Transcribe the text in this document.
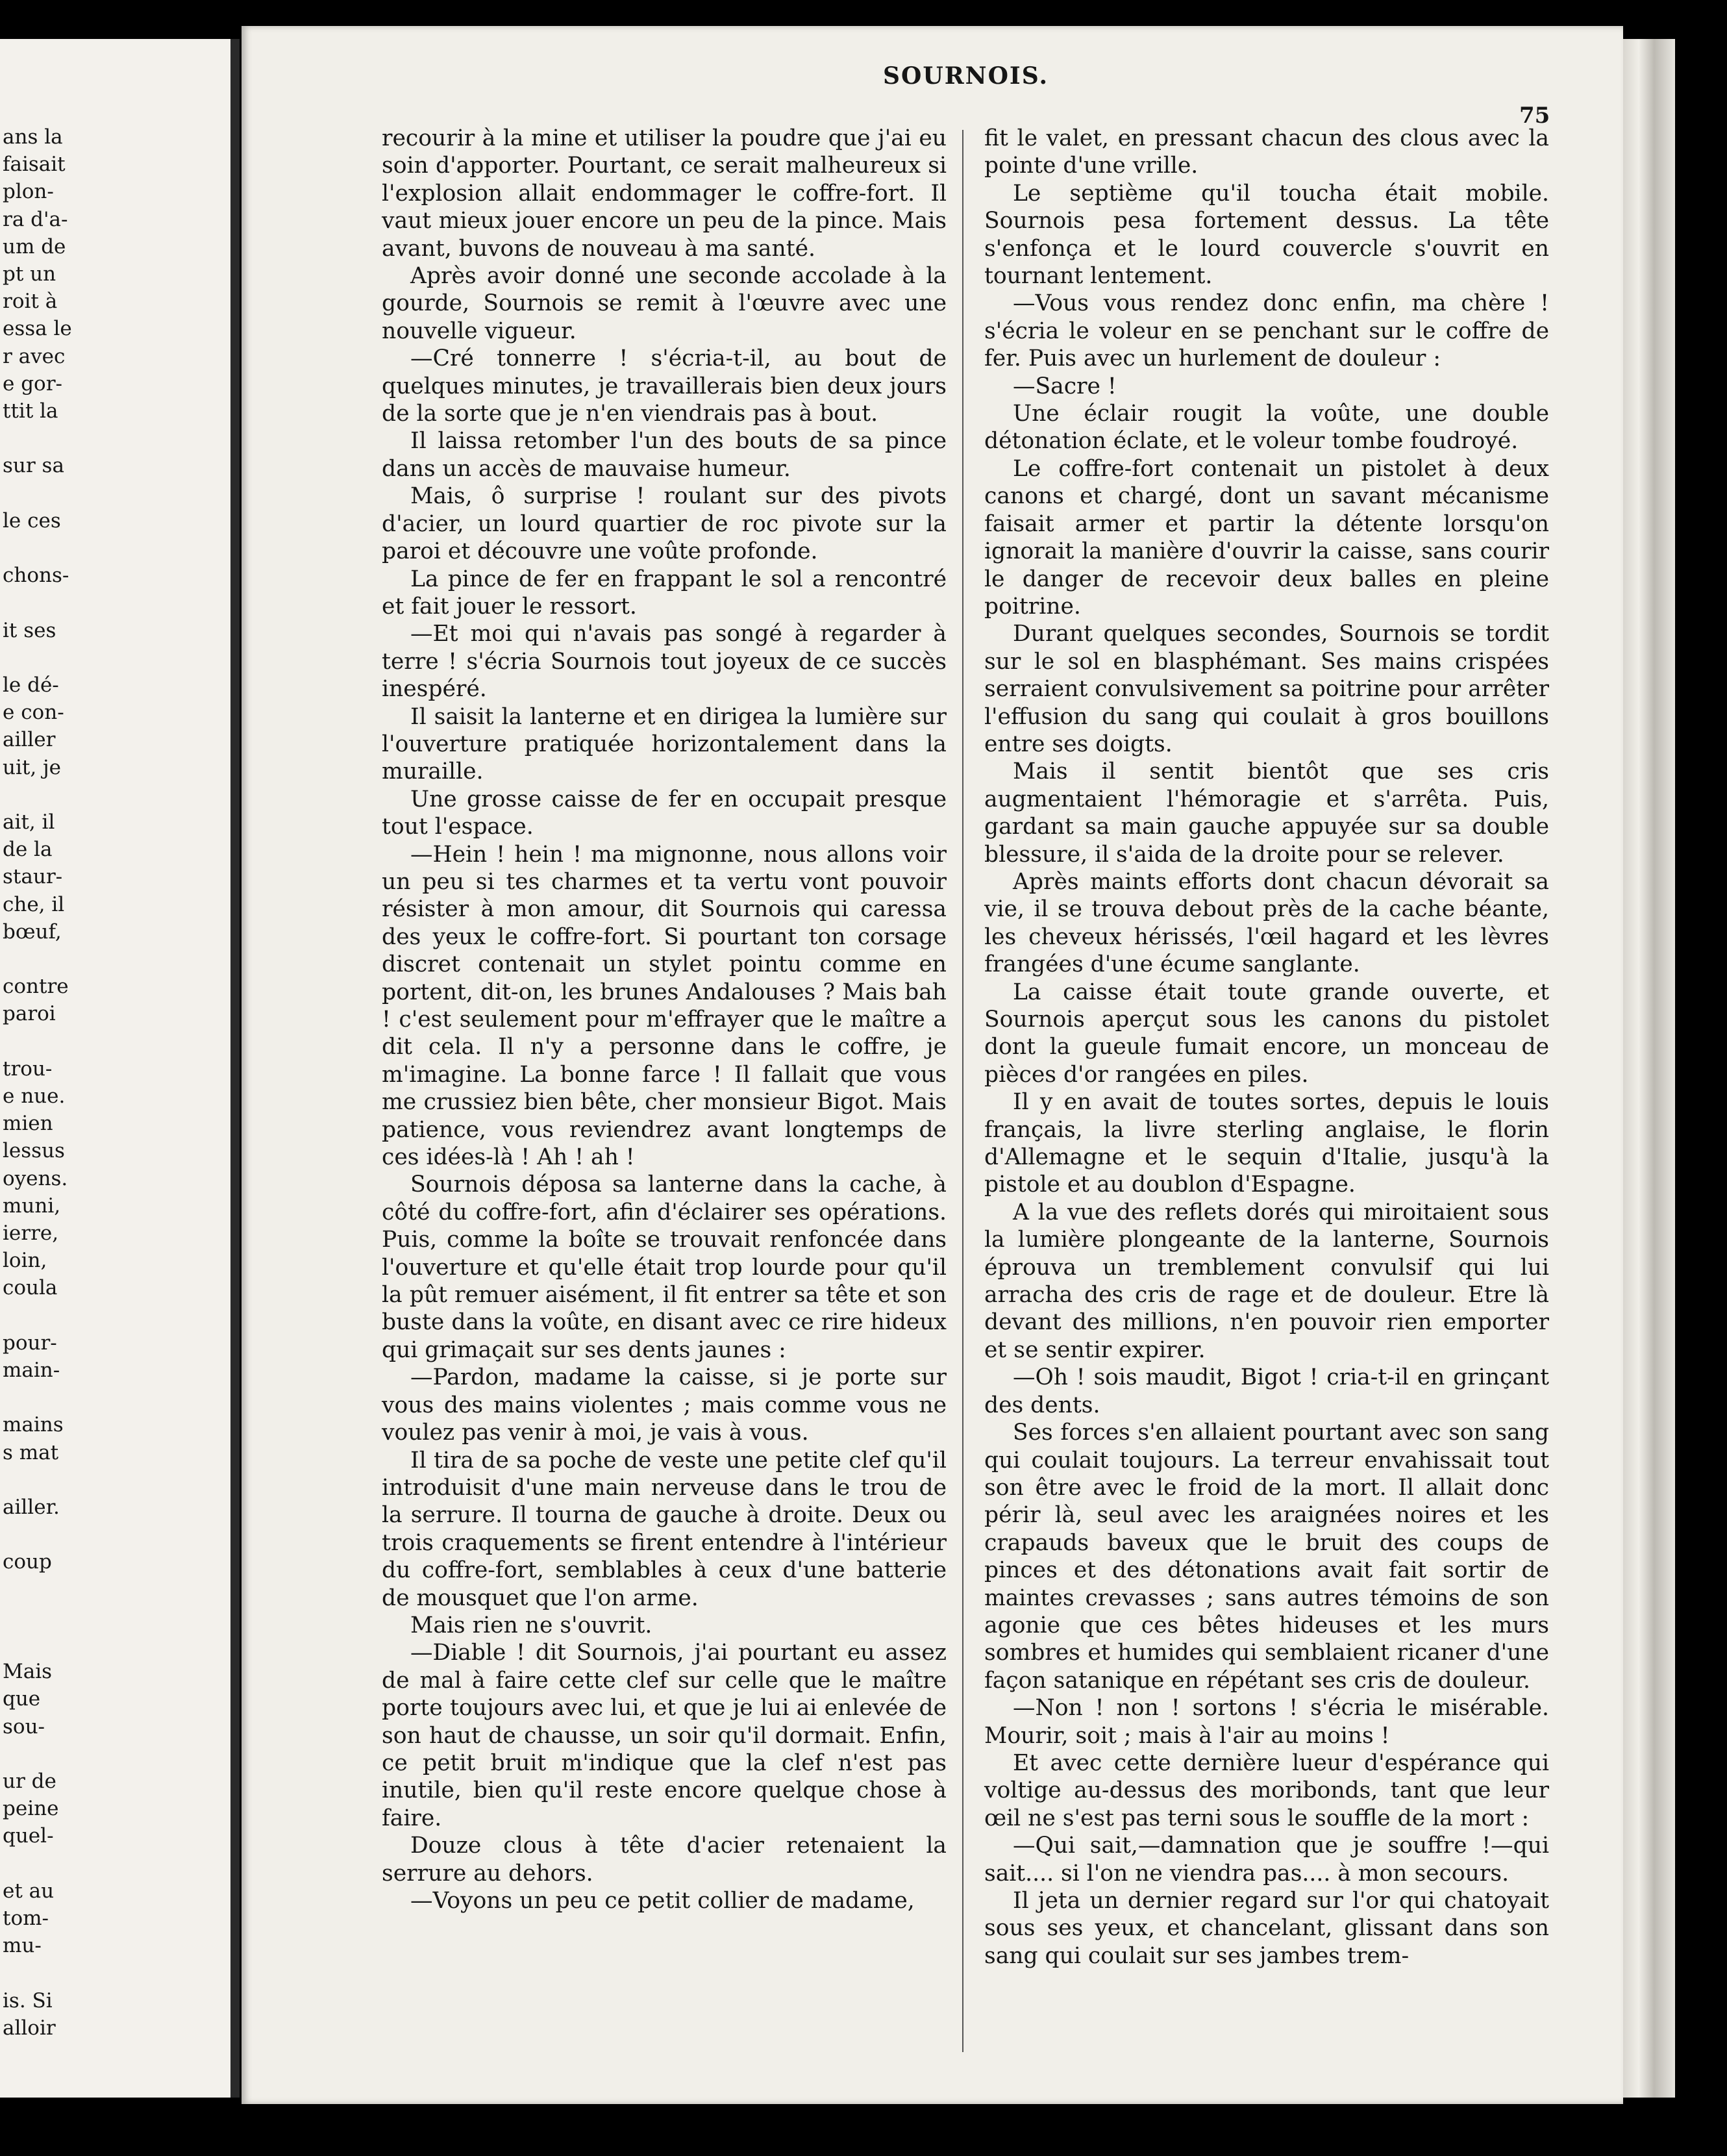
ans la
faisait
plon-
ra d'a-
um de
pt un
roit à
essa le
r avec
e gor-
ttit la

sur sa

le ces

chons-

it ses

le dé-
e con-
ailler
uit, je

ait, il
de la
staur-
che, il
bœuf,

contre
paroi

trou-
e nue.
mien
lessus
oyens.
muni,
ierre,
loin,
coula

pour-
main-

mains
s mat

ailler.

coup

Mais
que
sou-

ur de
peine
quel-

et au
tom-
mu-

is. Si
alloir
SOURNOIS.
75

recourir à la mine et utiliser la poudre que j'ai eu soin d'apporter. Pourtant, ce serait malheureux si l'explosion allait endommager le coffre-fort. Il vaut mieux jouer encore un peu de la pince. Mais avant, buvons de nouveau à ma santé.

Après avoir donné une seconde accolade à la gourde, Sournois se remit à l'œuvre avec une nouvelle vigueur.

—Cré tonnerre ! s'écria-t-il, au bout de quelques minutes, je travaillerais bien deux jours de la sorte que je n'en viendrais pas à bout.

Il laissa retomber l'un des bouts de sa pince dans un accès de mauvaise humeur.

Mais, ô surprise ! roulant sur des pivots d'acier, un lourd quartier de roc pivote sur la paroi et découvre une voûte profonde.

La pince de fer en frappant le sol a rencontré et fait jouer le ressort.

—Et moi qui n'avais pas songé à regarder à terre ! s'écria Sournois tout joyeux de ce succès inespéré.

Il saisit la lanterne et en dirigea la lumière sur l'ouverture pratiquée horizontalement dans la muraille.

Une grosse caisse de fer en occupait presque tout l'espace.

—Hein ! hein ! ma mignonne, nous allons voir un peu si tes charmes et ta vertu vont pouvoir résister à mon amour, dit Sournois qui caressa des yeux le coffre-fort. Si pourtant ton corsage discret contenait un stylet pointu comme en portent, dit-on, les brunes Andalouses ? Mais bah ! c'est seulement pour m'effrayer que le maître a dit cela. Il n'y a personne dans le coffre, je m'imagine. La bonne farce ! Il fallait que vous me crussiez bien bête, cher monsieur Bigot. Mais patience, vous reviendrez avant longtemps de ces idées-là ! Ah ! ah !

Sournois déposa sa lanterne dans la cache, à côté du coffre-fort, afin d'éclairer ses opérations. Puis, comme la boîte se trouvait renfoncée dans l'ouverture et qu'elle était trop lourde pour qu'il la pût remuer aisément, il fit entrer sa tête et son buste dans la voûte, en disant avec ce rire hideux qui grimaçait sur ses dents jaunes :

—Pardon, madame la caisse, si je porte sur vous des mains violentes ; mais comme vous ne voulez pas venir à moi, je vais à vous.

Il tira de sa poche de veste une petite clef qu'il introduisit d'une main nerveuse dans le trou de la serrure. Il tourna de gauche à droite. Deux ou trois craquements se firent entendre à l'intérieur du coffre-fort, semblables à ceux d'une batterie de mousquet que l'on arme.

Mais rien ne s'ouvrit.

—Diable ! dit Sournois, j'ai pourtant eu assez de mal à faire cette clef sur celle que le maître porte toujours avec lui, et que je lui ai enlevée de son haut de chausse, un soir qu'il dormait. Enfin, ce petit bruit m'indique que la clef n'est pas inutile, bien qu'il reste encore quelque chose à faire.

Douze clous à tête d'acier retenaient la serrure au dehors.

—Voyons un peu ce petit collier de madame,

fit le valet, en pressant chacun des clous avec la pointe d'une vrille.

Le septième qu'il toucha était mobile. Sournois pesa fortement dessus. La tête s'enfonça et le lourd couvercle s'ouvrit en tournant lentement.

—Vous vous rendez donc enfin, ma chère ! s'écria le voleur en se penchant sur le coffre de fer. Puis avec un hurlement de douleur :

—Sacre !

Une éclair rougit la voûte, une double détonation éclate, et le voleur tombe foudroyé.

Le coffre-fort contenait un pistolet à deux canons et chargé, dont un savant mécanisme faisait armer et partir la détente lorsqu'on ignorait la manière d'ouvrir la caisse, sans courir le danger de recevoir deux balles en pleine poitrine.

Durant quelques secondes, Sournois se tordit sur le sol en blasphémant. Ses mains crispées serraient convulsivement sa poitrine pour arrêter l'effusion du sang qui coulait à gros bouillons entre ses doigts.

Mais il sentit bientôt que ses cris augmentaient l'hémoragie et s'arrêta. Puis, gardant sa main gauche appuyée sur sa double blessure, il s'aida de la droite pour se relever.

Après maints efforts dont chacun dévorait sa vie, il se trouva debout près de la cache béante, les cheveux hérissés, l'œil hagard et les lèvres frangées d'une écume sanglante.

La caisse était toute grande ouverte, et Sournois aperçut sous les canons du pistolet dont la gueule fumait encore, un monceau de pièces d'or rangées en piles.

Il y en avait de toutes sortes, depuis le louis français, la livre sterling anglaise, le florin d'Allemagne et le sequin d'Italie, jusqu'à la pistole et au doublon d'Espagne.

A la vue des reflets dorés qui miroitaient sous la lumière plongeante de la lanterne, Sournois éprouva un tremblement convulsif qui lui arracha des cris de rage et de douleur. Etre là devant des millions, n'en pouvoir rien emporter et se sentir expirer.

—Oh ! sois maudit, Bigot ! cria-t-il en grinçant des dents.

Ses forces s'en allaient pourtant avec son sang qui coulait toujours. La terreur envahissait tout son être avec le froid de la mort. Il allait donc périr là, seul avec les araignées noires et les crapauds baveux que le bruit des coups de pinces et des détonations avait fait sortir de maintes crevasses ; sans autres témoins de son agonie que ces bêtes hideuses et les murs sombres et humides qui semblaient ricaner d'une façon satanique en répétant ses cris de douleur.

—Non ! non ! sortons ! s'écria le misérable. Mourir, soit ; mais à l'air au moins !

Et avec cette dernière lueur d'espérance qui voltige au-dessus des moribonds, tant que leur œil ne s'est pas terni sous le souffle de la mort :

—Qui sait,—damnation que je souffre !—qui sait.... si l'on ne viendra pas.... à mon secours.

Il jeta un dernier regard sur l'or qui chatoyait sous ses yeux, et chancelant, glissant dans son sang qui coulait sur ses jambes trem-
